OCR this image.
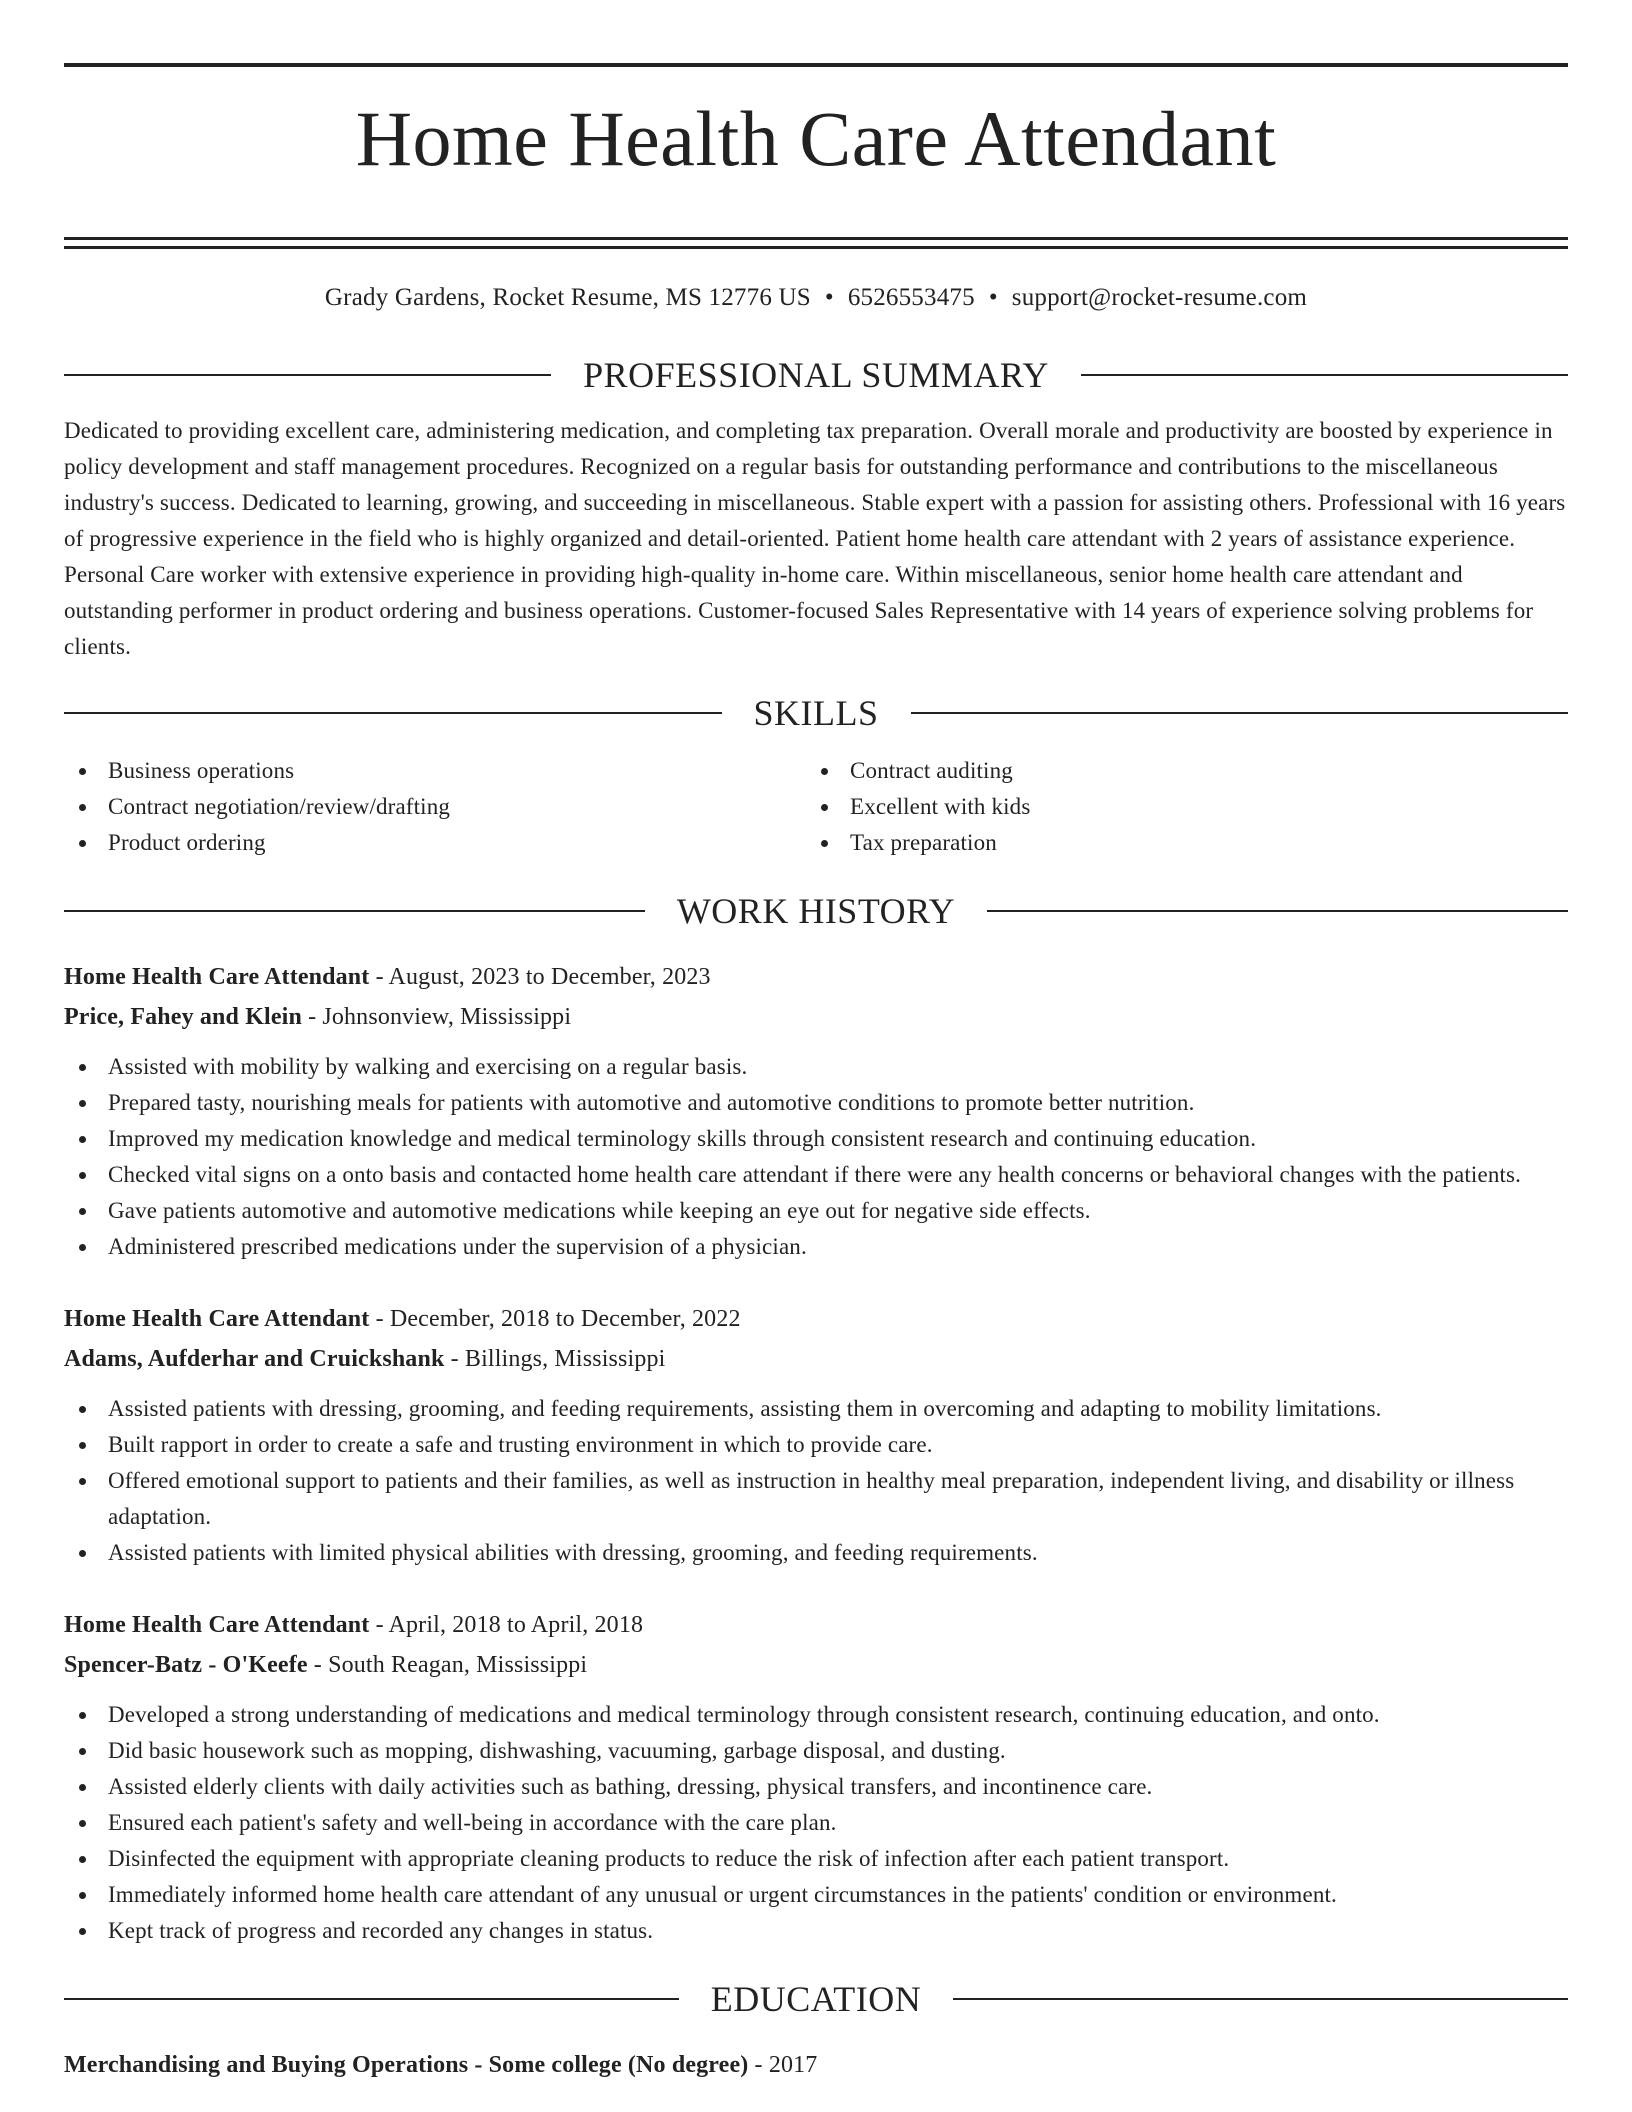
Home Health Care Attendant
Grady Gardens, Rocket Resume, MS 12776 US • 6526553475 • support@rocket-resume.com
PROFESSIONAL SUMMARY
Dedicated to providing excellent care, administering medication, and completing tax preparation. Overall morale and productivity are boosted by experience in policy development and staff management procedures. Recognized on a regular basis for outstanding performance and contributions to the miscellaneous industry's success. Dedicated to learning, growing, and succeeding in miscellaneous. Stable expert with a passion for assisting others. Professional with 16 years of progressive experience in the field who is highly organized and detail-oriented. Patient home health care attendant with 2 years of assistance experience. Personal Care worker with extensive experience in providing high-quality in-home care. Within miscellaneous, senior home health care attendant and outstanding performer in product ordering and business operations. Customer-focused Sales Representative with 14 years of experience solving problems for clients.
SKILLS
Business operations
Contract negotiation/review/drafting
Product ordering
Contract auditing
Excellent with kids
Tax preparation
WORK HISTORY
Home Health Care Attendant - August, 2023 to December, 2023
Price, Fahey and Klein - Johnsonview, Mississippi
Assisted with mobility by walking and exercising on a regular basis.
Prepared tasty, nourishing meals for patients with automotive and automotive conditions to promote better nutrition.
Improved my medication knowledge and medical terminology skills through consistent research and continuing education.
Checked vital signs on a onto basis and contacted home health care attendant if there were any health concerns or behavioral changes with the patients.
Gave patients automotive and automotive medications while keeping an eye out for negative side effects.
Administered prescribed medications under the supervision of a physician.
Home Health Care Attendant - December, 2018 to December, 2022
Adams, Aufderhar and Cruickshank - Billings, Mississippi
Assisted patients with dressing, grooming, and feeding requirements, assisting them in overcoming and adapting to mobility limitations.
Built rapport in order to create a safe and trusting environment in which to provide care.
Offered emotional support to patients and their families, as well as instruction in healthy meal preparation, independent living, and disability or illness adaptation.
Assisted patients with limited physical abilities with dressing, grooming, and feeding requirements.
Home Health Care Attendant - April, 2018 to April, 2018
Spencer-Batz - O'Keefe - South Reagan, Mississippi
Developed a strong understanding of medications and medical terminology through consistent research, continuing education, and onto.
Did basic housework such as mopping, dishwashing, vacuuming, garbage disposal, and dusting.
Assisted elderly clients with daily activities such as bathing, dressing, physical transfers, and incontinence care.
Ensured each patient's safety and well-being in accordance with the care plan.
Disinfected the equipment with appropriate cleaning products to reduce the risk of infection after each patient transport.
Immediately informed home health care attendant of any unusual or urgent circumstances in the patients' condition or environment.
Kept track of progress and recorded any changes in status.
EDUCATION
Merchandising and Buying Operations - Some college (No degree) - 2017
